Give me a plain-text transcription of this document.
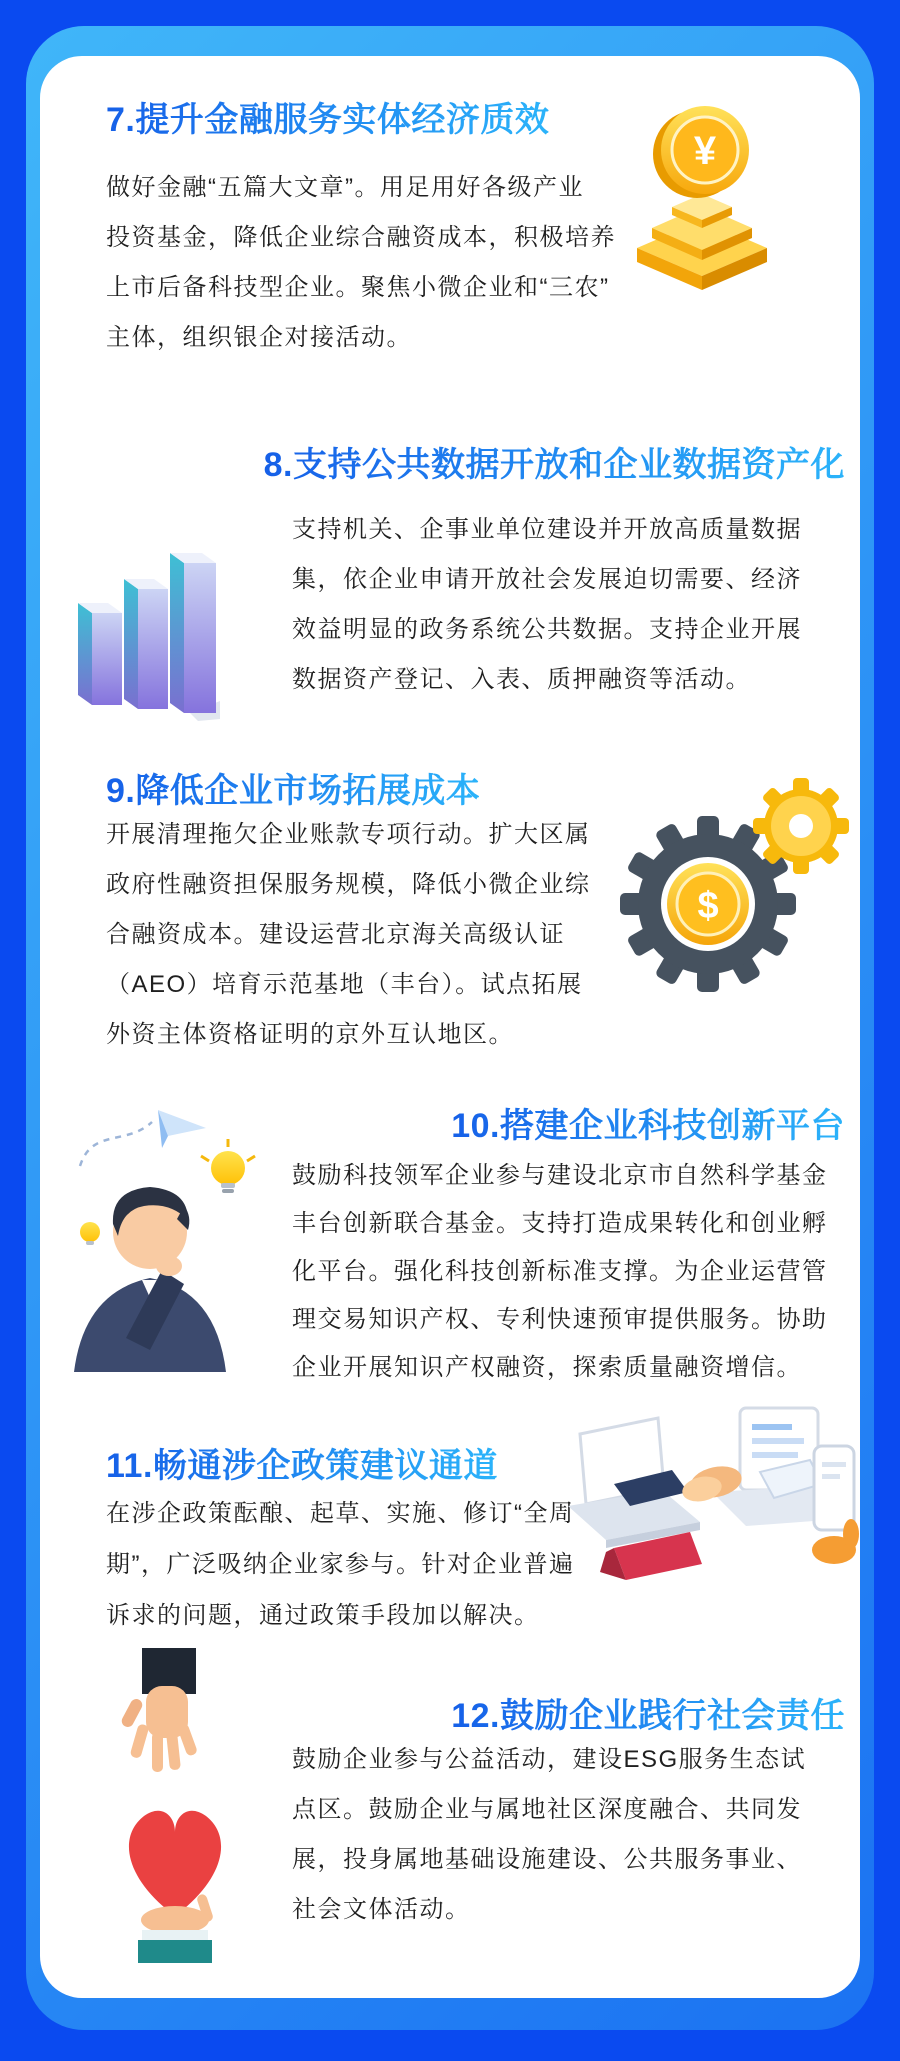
7.提升金融服务实体经济质效
做好金融“五篇大文章”。用足用好各级产业
投资基金，降低企业综合融资成本，积极培养
上市后备科技型企业。聚焦小微企业和“三农”
主体，组织银企对接活动。
¥
8.支持公共数据开放和企业数据资产化
支持机关、企事业单位建设并开放高质量数据
集，依企业申请开放社会发展迫切需要、经济
效益明显的政务系统公共数据。支持企业开展
数据资产登记、入表、质押融资等活动。
9.降低企业市场拓展成本
开展清理拖欠企业账款专项行动。扩大区属
政府性融资担保服务规模，降低小微企业综
合融资成本。建设运营北京海关高级认证
（AEO）培育示范基地（丰台）。试点拓展
外资主体资格证明的京外互认地区。
$
10.搭建企业科技创新平台
鼓励科技领军企业参与建设北京市自然科学基金
丰台创新联合基金。支持打造成果转化和创业孵
化平台。强化科技创新标准支撑。为企业运营管
理交易知识产权、专利快速预审提供服务。协助
企业开展知识产权融资，探索质量融资增信。
11.畅通涉企政策建议通道
在涉企政策酝酿、起草、实施、修订“全周
期”，广泛吸纳企业家参与。针对企业普遍
诉求的问题，通过政策手段加以解决。
12.鼓励企业践行社会责任
鼓励企业参与公益活动，建设ESG服务生态试
点区。鼓励企业与属地社区深度融合、共同发
展，投身属地基础设施建设、公共服务事业、
社会文体活动。
